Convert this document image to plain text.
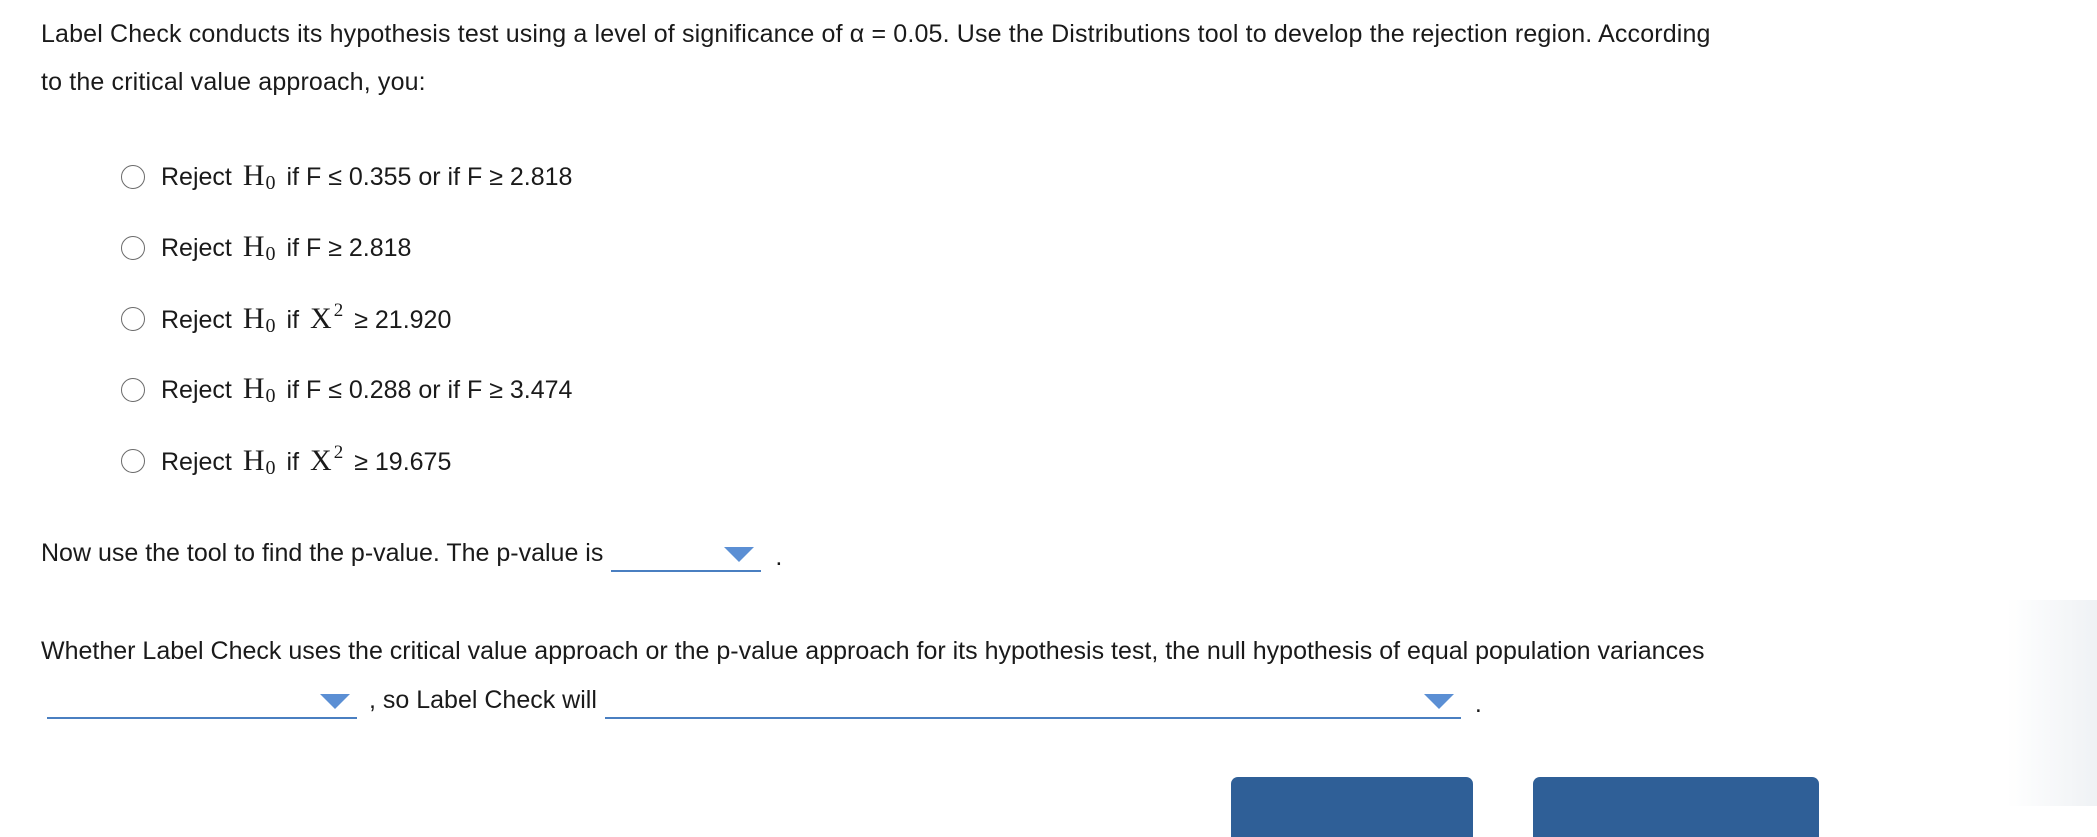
Label Check conducts its hypothesis test using a level of significance of α = 0.05. Use the Distributions tool to develop the rejection region. According
to the critical value approach, you:
Reject $H_0$ if F ≤ 0.355 or if F ≥ 2.818
Reject $H_0$ if F ≥ 2.818
Reject $H_0$ if X $^2$ ≥ 21.920
Reject $H_0$ if F ≤ 0.288 or if F ≥ 3.474
Reject $H_0$ if X $^2$ ≥ 19.675
Now use the tool to find the p-value. The p-value is	.
Whether Label Check uses the critical value approach or the p-value approach for its hypothesis test, the null hypothesis of equal population variances
, so Label Check will	.
